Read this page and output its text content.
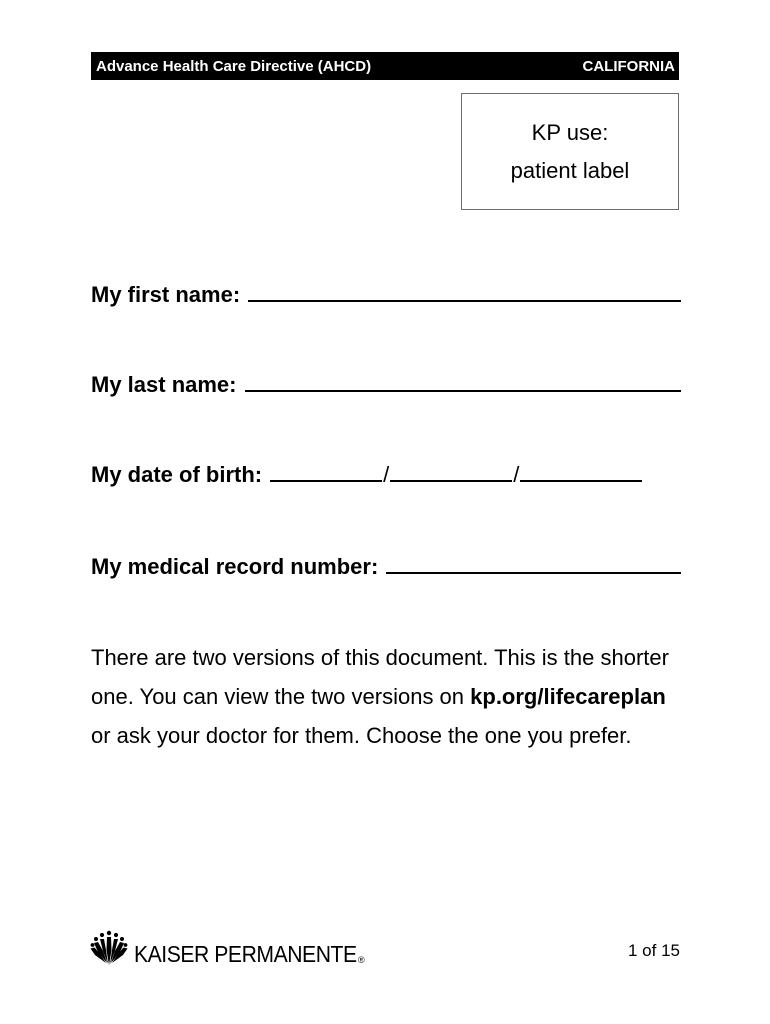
Advance Health Care Directive (AHCD)	CALIFORNIA
KP use:
patient label
My first name:
My last name:
My date of birth:	/	/
My medical record number:
There are two versions of this document. This is the shorter one. You can view the two versions on kp.org/lifecareplan or ask your doctor for them. Choose the one you prefer.
KAISER PERMANENTE ®	1 of 15
